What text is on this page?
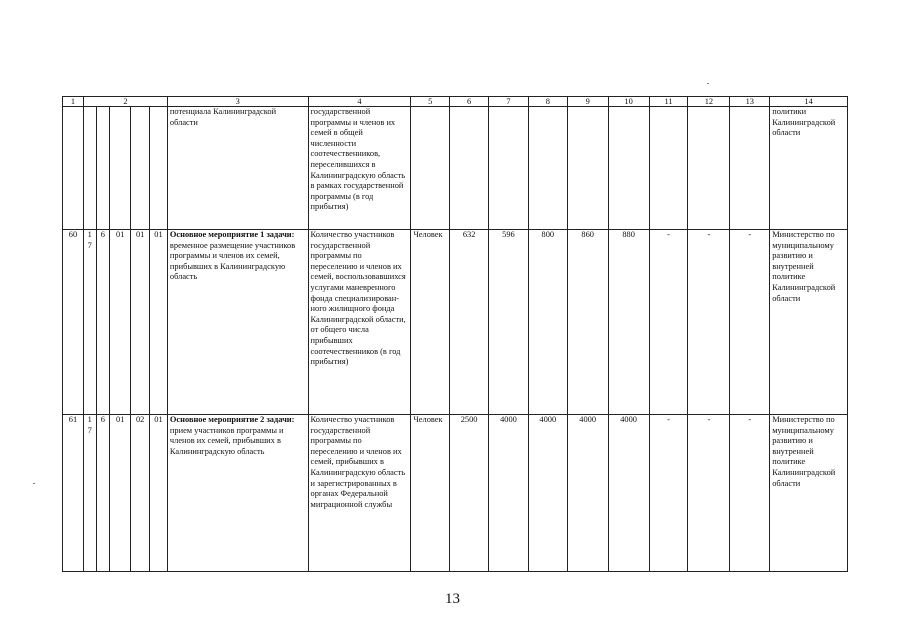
1	2					3	4	5	6	7	8	9	10	11	12	13	14
						потенциала Калининградской области	государственной программы и членов их семей в общей численности соотечественников, переселившихся в Калининградскую область в рамках государственной программы (в год прибытия)										политики Калининградской области
60	17	6	01	01	01	Основное мероприятие 1 задачи:
временное размещение участников программы и членов их семей, прибывших в Калининградскую область	Количество участников государственной программы по переселению и членов их семей, воспользовавшихся услугами маневренного фонда специализирован-ного жилищного фонда Калининградской области, от общего числа прибывших соотечественников (в год прибытия)	Человек	632	596	800	860	880	-	-	-	Министерство по муниципальному развитию и внутренней политике Калининградской области
61	17	6	01	02	01	Основное мероприятие 2 задачи:
прием участников программы и членов их семей, прибывших в Калининградскую область	Количество участников государственной программы по переселению и членов их семей, прибывших в Калининградскую область и зарегистрированных в органах Федеральной миграционной службы	Человек	2500	4000	4000	4000	4000	-	-	-	Министерство по муниципальному развитию и внутренней политике Калининградской области
13
